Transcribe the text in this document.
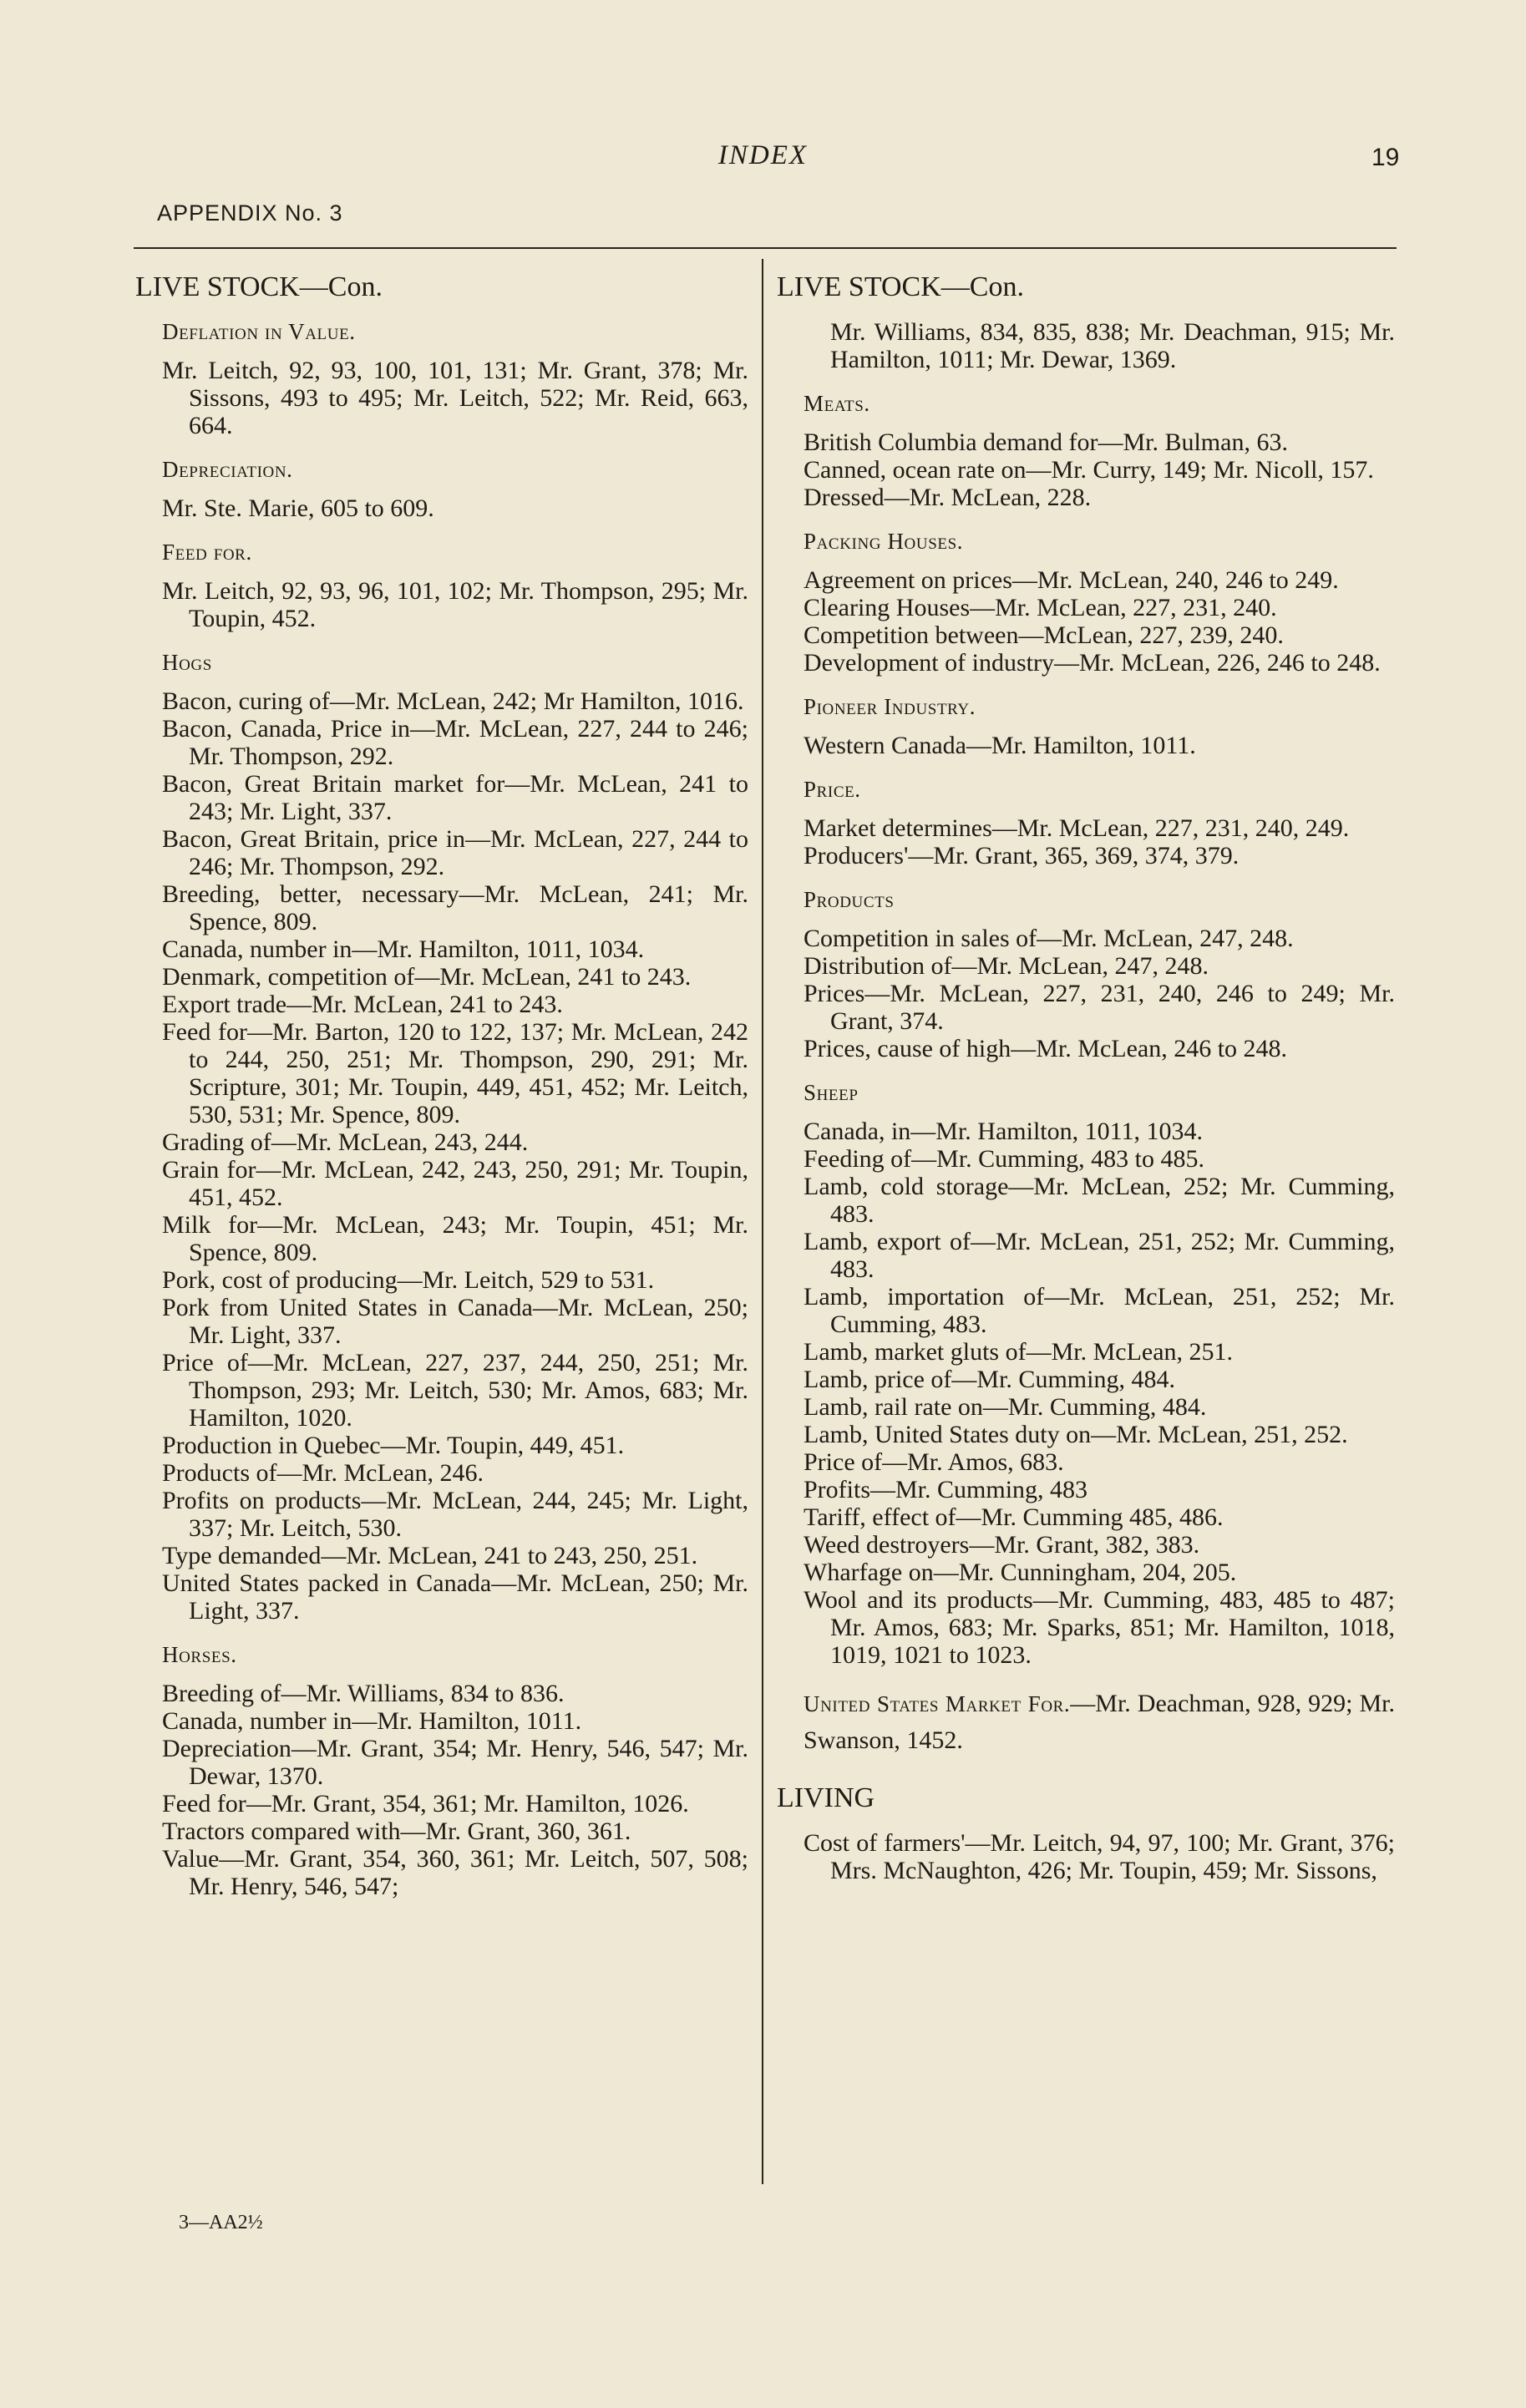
INDEX	19
APPENDIX No. 3
LIVE STOCK—Con.
Deflation in Value.
Mr. Leitch, 92, 93, 100, 101, 131; Mr. Grant, 378; Mr. Sissons, 493 to 495; Mr. Leitch, 522; Mr. Reid, 663, 664.
Depreciation.
Mr. Ste. Marie, 605 to 609.
Feed for.
Mr. Leitch, 92, 93, 96, 101, 102; Mr. Thompson, 295; Mr. Toupin, 452.
Hogs
Bacon, curing of—Mr. McLean, 242; Mr Hamilton, 1016.
Bacon, Canada, Price in—Mr. McLean, 227, 244 to 246; Mr. Thompson, 292.
Bacon, Great Britain market for—Mr. McLean, 241 to 243; Mr. Light, 337.
Bacon, Great Britain, price in—Mr. McLean, 227, 244 to 246; Mr. Thompson, 292.
Breeding, better, necessary—Mr. McLean, 241; Mr. Spence, 809.
Canada, number in—Mr. Hamilton, 1011, 1034.
Denmark, competition of—Mr. McLean, 241 to 243.
Export trade—Mr. McLean, 241 to 243.
Feed for—Mr. Barton, 120 to 122, 137; Mr. McLean, 242 to 244, 250, 251; Mr. Thompson, 290, 291; Mr. Scripture, 301; Mr. Toupin, 449, 451, 452; Mr. Leitch, 530, 531; Mr. Spence, 809.
Grading of—Mr. McLean, 243, 244.
Grain for—Mr. McLean, 242, 243, 250, 291; Mr. Toupin, 451, 452.
Milk for—Mr. McLean, 243; Mr. Toupin, 451; Mr. Spence, 809.
Pork, cost of producing—Mr. Leitch, 529 to 531.
Pork from United States in Canada—Mr. McLean, 250; Mr. Light, 337.
Price of—Mr. McLean, 227, 237, 244, 250, 251; Mr. Thompson, 293; Mr. Leitch, 530; Mr. Amos, 683; Mr. Hamilton, 1020.
Production in Quebec—Mr. Toupin, 449, 451.
Products of—Mr. McLean, 246.
Profits on products—Mr. McLean, 244, 245; Mr. Light, 337; Mr. Leitch, 530.
Type demanded—Mr. McLean, 241 to 243, 250, 251.
United States packed in Canada—Mr. McLean, 250; Mr. Light, 337.
Horses.
Breeding of—Mr. Williams, 834 to 836.
Canada, number in—Mr. Hamilton, 1011.
Depreciation—Mr. Grant, 354; Mr. Henry, 546, 547; Mr. Dewar, 1370.
Feed for—Mr. Grant, 354, 361; Mr. Hamilton, 1026.
Tractors compared with—Mr. Grant, 360, 361.
Value—Mr. Grant, 354, 360, 361; Mr. Leitch, 507, 508; Mr. Henry, 546, 547;
LIVE STOCK—Con.
Mr. Williams, 834, 835, 838; Mr. Deachman, 915; Mr. Hamilton, 1011; Mr. Dewar, 1369.
Meats.
British Columbia demand for—Mr. Bulman, 63.
Canned, ocean rate on—Mr. Curry, 149; Mr. Nicoll, 157.
Dressed—Mr. McLean, 228.
Packing Houses.
Agreement on prices—Mr. McLean, 240, 246 to 249.
Clearing Houses—Mr. McLean, 227, 231, 240.
Competition between—McLean, 227, 239, 240.
Development of industry—Mr. McLean, 226, 246 to 248.
Pioneer Industry.
Western Canada—Mr. Hamilton, 1011.
Price.
Market determines—Mr. McLean, 227, 231, 240, 249.
Producers'—Mr. Grant, 365, 369, 374, 379.
Products
Competition in sales of—Mr. McLean, 247, 248.
Distribution of—Mr. McLean, 247, 248.
Prices—Mr. McLean, 227, 231, 240, 246 to 249; Mr. Grant, 374.
Prices, cause of high—Mr. McLean, 246 to 248.
Sheep
Canada, in—Mr. Hamilton, 1011, 1034.
Feeding of—Mr. Cumming, 483 to 485.
Lamb, cold storage—Mr. McLean, 252; Mr. Cumming, 483.
Lamb, export of—Mr. McLean, 251, 252; Mr. Cumming, 483.
Lamb, importation of—Mr. McLean, 251, 252; Mr. Cumming, 483.
Lamb, market gluts of—Mr. McLean, 251.
Lamb, price of—Mr. Cumming, 484.
Lamb, rail rate on—Mr. Cumming, 484.
Lamb, United States duty on—Mr. McLean, 251, 252.
Price of—Mr. Amos, 683.
Profits—Mr. Cumming, 483
Tariff, effect of—Mr. Cumming 485, 486.
Weed destroyers—Mr. Grant, 382, 383.
Wharfage on—Mr. Cunningham, 204, 205.
Wool and its products—Mr. Cumming, 483, 485 to 487; Mr. Amos, 683; Mr. Sparks, 851; Mr. Hamilton, 1018, 1019, 1021 to 1023.
United States Market For.—Mr. Deachman, 928, 929; Mr. Swanson, 1452.
LIVING
Cost of farmers'—Mr. Leitch, 94, 97, 100; Mr. Grant, 376; Mrs. McNaughton, 426; Mr. Toupin, 459; Mr. Sissons,
3—AA2½
